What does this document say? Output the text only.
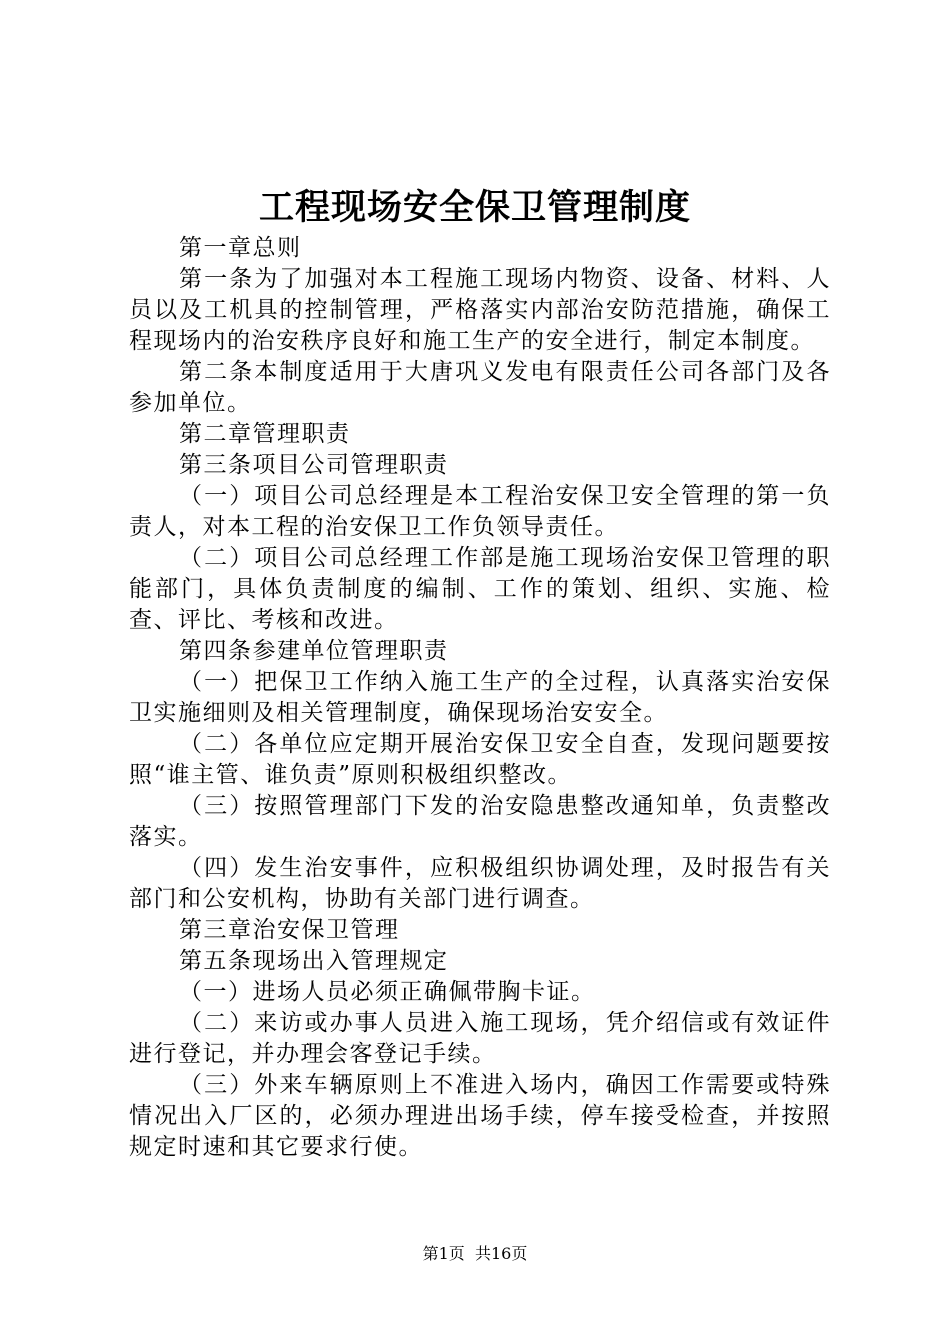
工程现场安全保卫管理制度

第一章总则

第一条为了加强对本工程施工现场内物资、设备、材料、人员以及工机具的控制管理，严格落实内部治安防范措施，确保工程现场内的治安秩序良好和施工生产的安全进行，制定本制度。

第二条本制度适用于大唐巩义发电有限责任公司各部门及各参加单位。

第二章管理职责

第三条项目公司管理职责

（一）项目公司总经理是本工程治安保卫安全管理的第一负责人，对本工程的治安保卫工作负领导责任。

（二）项目公司总经理工作部是施工现场治安保卫管理的职能部门，具体负责制度的编制、工作的策划、组织、实施、检查、评比、考核和改进。

第四条参建单位管理职责

（一）把保卫工作纳入施工生产的全过程，认真落实治安保卫实施细则及相关管理制度，确保现场治安安全。

（二）各单位应定期开展治安保卫安全自查，发现问题要按照“谁主管、谁负责”原则积极组织整改。

（三）按照管理部门下发的治安隐患整改通知单，负责整改落实。

（四）发生治安事件，应积极组织协调处理，及时报告有关部门和公安机构，协助有关部门进行调查。

第三章治安保卫管理

第五条现场出入管理规定

（一）进场人员必须正确佩带胸卡证。

（二）来访或办事人员进入施工现场，凭介绍信或有效证件进行登记，并办理会客登记手续。

（三）外来车辆原则上不准进入场内，确因工作需要或特殊情况出入厂区的，必须办理进出场手续，停车接受检查，并按照规定时速和其它要求行使。

第1页 共16页
